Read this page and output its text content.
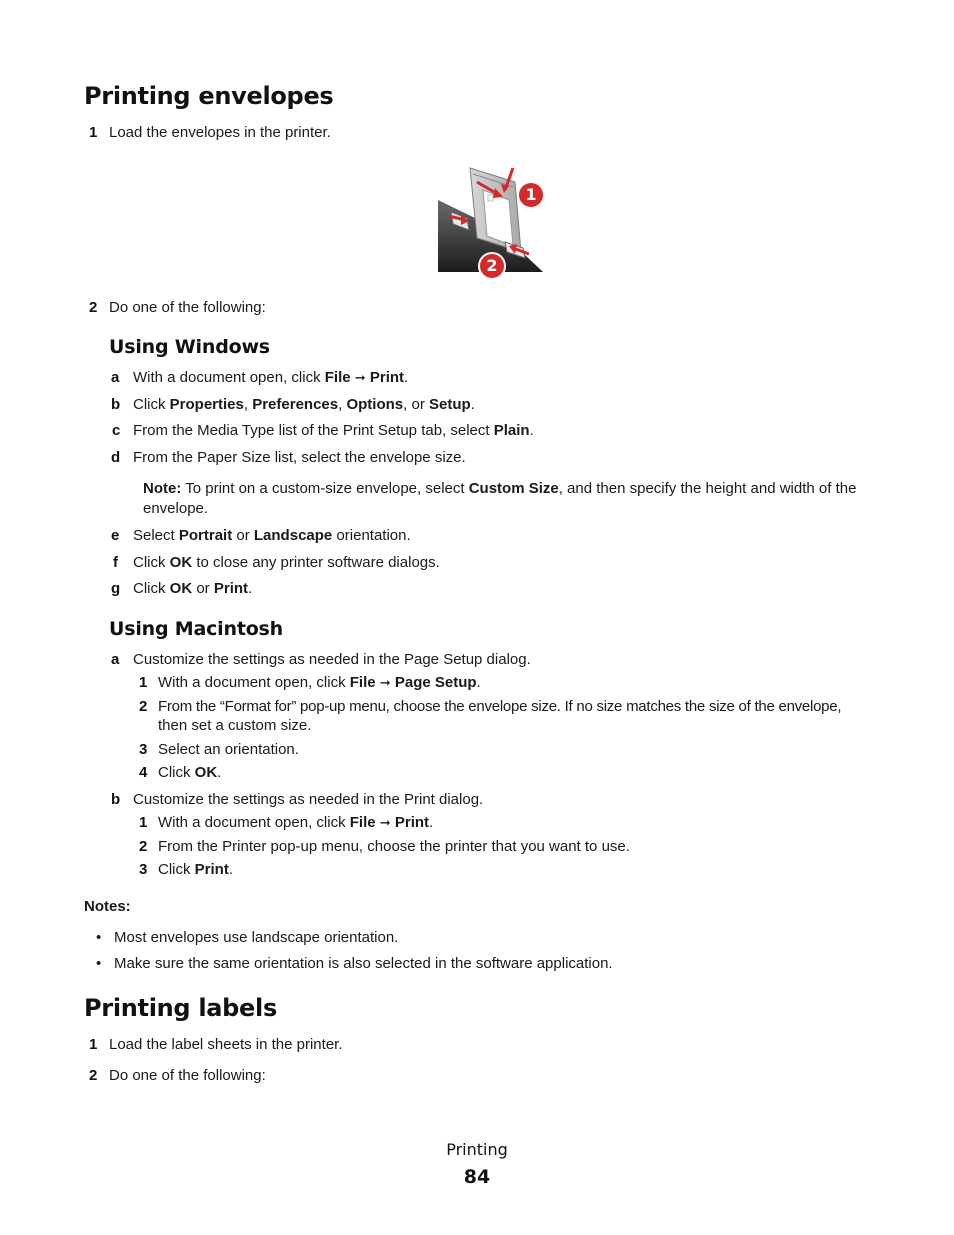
Printing envelopes
1 Load the envelopes in the printer.
1
2
2 Do one of the following:
Using Windows
a With a document open, click File ➞ Print.
b Click Properties, Preferences, Options, or Setup.
c From the Media Type list of the Print Setup tab, select Plain.
d From the Paper Size list, select the envelope size.
Note: To print on a custom-size envelope, select Custom Size, and then specify the height and width of the
envelope.
e Select Portrait or Landscape orientation.
f Click OK to close any printer software dialogs.
g Click OK or Print.
Using Macintosh
a Customize the settings as needed in the Page Setup dialog.
1 With a document open, click File ➞ Page Setup.
2 From the “Format for” pop-up menu, choose the envelope size. If no size matches the size of the envelope,
then set a custom size.
3 Select an orientation.
4 Click OK.
b Customize the settings as needed in the Print dialog.
1 With a document open, click File ➞ Print.
2 From the Printer pop-up menu, choose the printer that you want to use.
3 Click Print.
Notes:
• Most envelopes use landscape orientation.
• Make sure the same orientation is also selected in the software application.
Printing labels
1 Load the label sheets in the printer.
2 Do one of the following:
Printing
84
